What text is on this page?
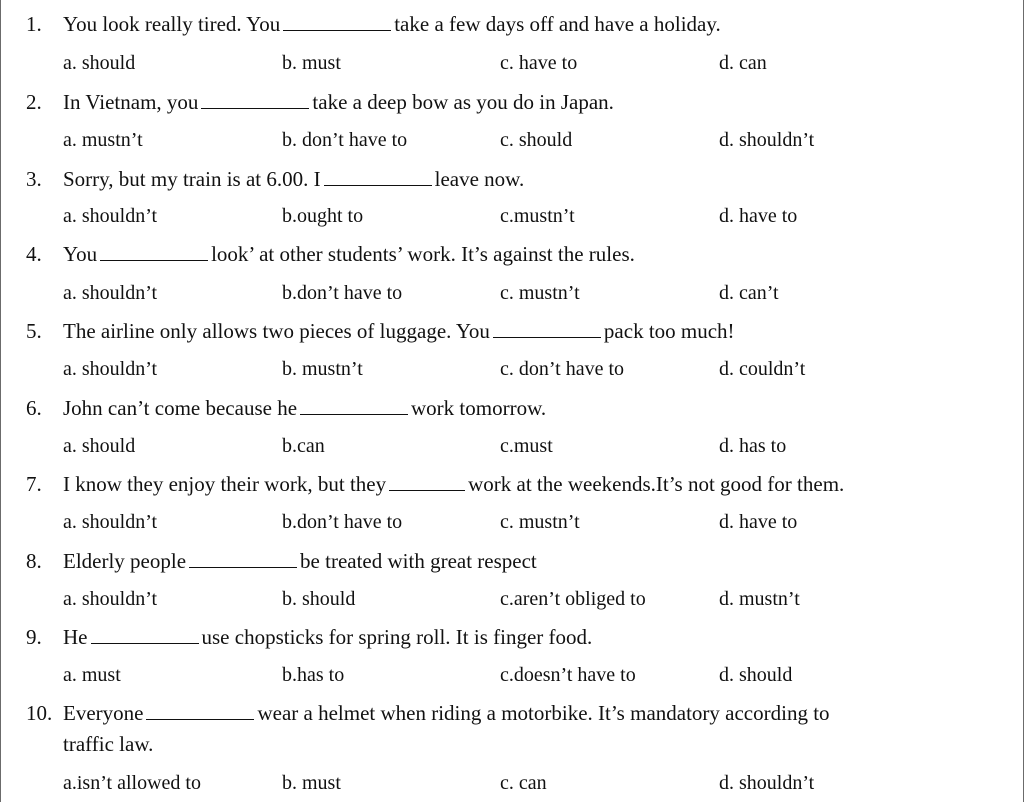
1. You look really tired. You	take a few days off and have a holiday.
a. should	b. must	c. have to	d. can
2. In Vietnam, you	take a deep bow as you do in Japan.
a. mustn’t	b. don’t have to	c. should	d. shouldn’t
3. Sorry, but my train is at 6.00. I	leave now.
a. shouldn’t	b.ought to	c.mustn’t	d. have to
4. You	look’ at other students’ work. It’s against the rules.
a. shouldn’t	b.don’t have to	c. mustn’t	d. can’t
5. The airline only allows two pieces of luggage. You	pack too much!
a. shouldn’t	b. mustn’t	c. don’t have to	d. couldn’t
6. John can’t come because he	work tomorrow.
a. should	b.can	c.must	d. has to
7. I know they enjoy their work, but they	work at the weekends.It’s not good for them.
a. shouldn’t	b.don’t have to	c. mustn’t	d. have to
8. Elderly people	be treated with great respect
a. shouldn’t	b. should	c.aren’t obliged to	d. mustn’t
9. He	use chopsticks for spring roll. It is finger food.
a. must	b.has to	c.doesn’t have to	d. should
10. Everyone	wear a helmet when riding a motorbike. It’s mandatory according to
traffic law.
a.isn’t allowed to	b. must	c. can	d. shouldn’t
